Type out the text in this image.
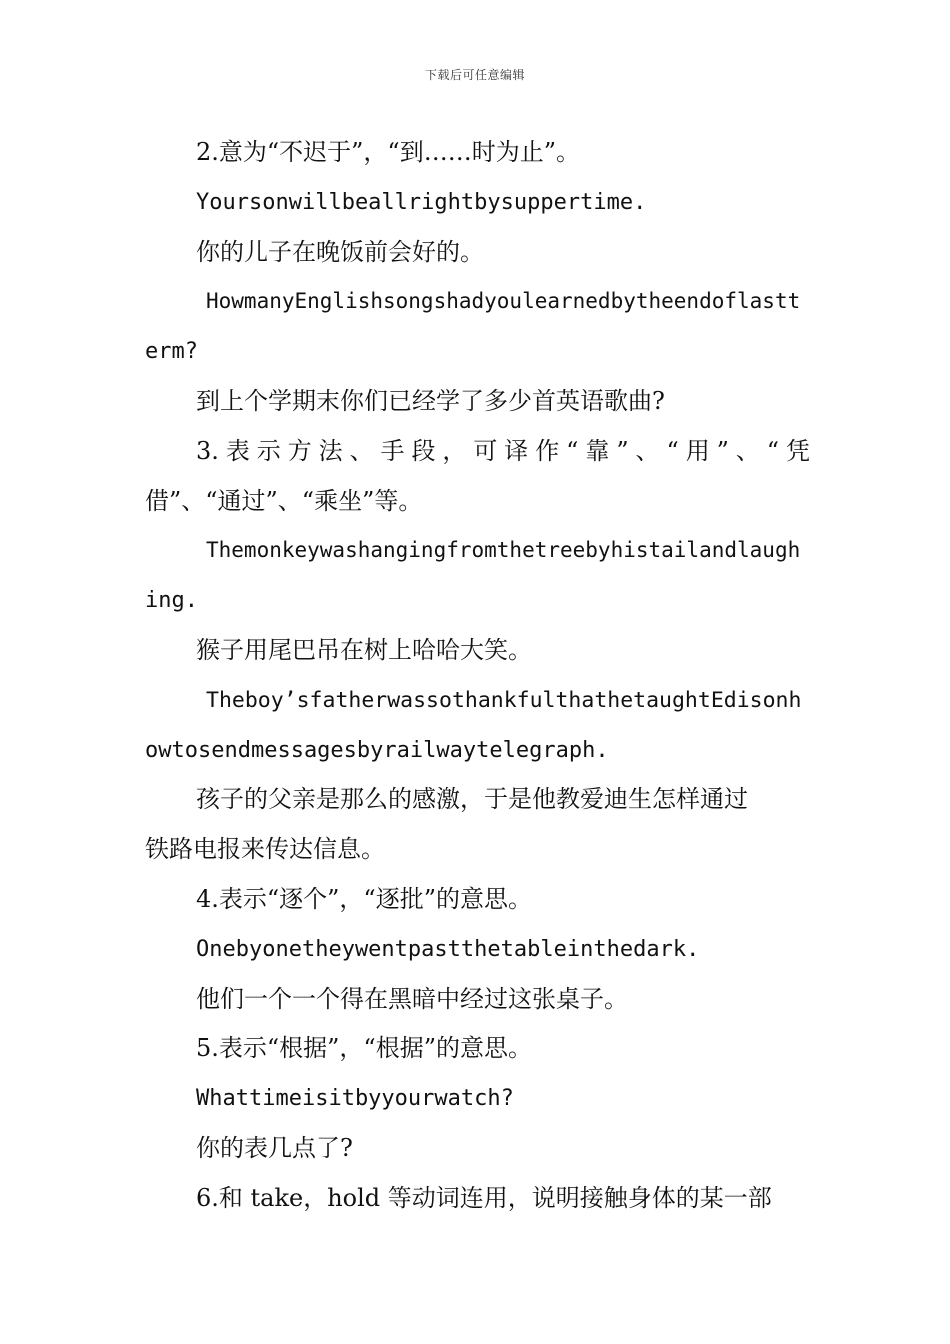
下载后可任意编辑
2.意为“不迟于”，“到……时为止”。
Yoursonwillbeallrightbysuppertime.
你的儿子在晚饭前会好的。
HowmanyEnglishsongshadyoulearnedbytheendoflastt
erm?
到上个学期末你们已经学了多少首英语歌曲?
3.表示方法、手段，可译作“靠”、“用”、“凭
借”、“通过”、“乘坐”等。
Themonkeywashangingfromthetreebyhistailandlaugh
ing.
猴子用尾巴吊在树上哈哈大笑。
Theboy’sfatherwassothankfulthathetaughtEdisonh
owtosendmessagesbyrailwaytelegraph.
孩子的父亲是那么的感激，于是他教爱迪生怎样通过
铁路电报来传达信息。
4.表示“逐个”，“逐批”的意思。
Onebyonetheywentpastthetableinthedark.
他们一个一个得在黑暗中经过这张桌子。
5.表示“根据”，“根据”的意思。
Whattimeisitbyyourwatch?
你的表几点了?
6.和 take，hold 等动词连用，说明接触身体的某一部
